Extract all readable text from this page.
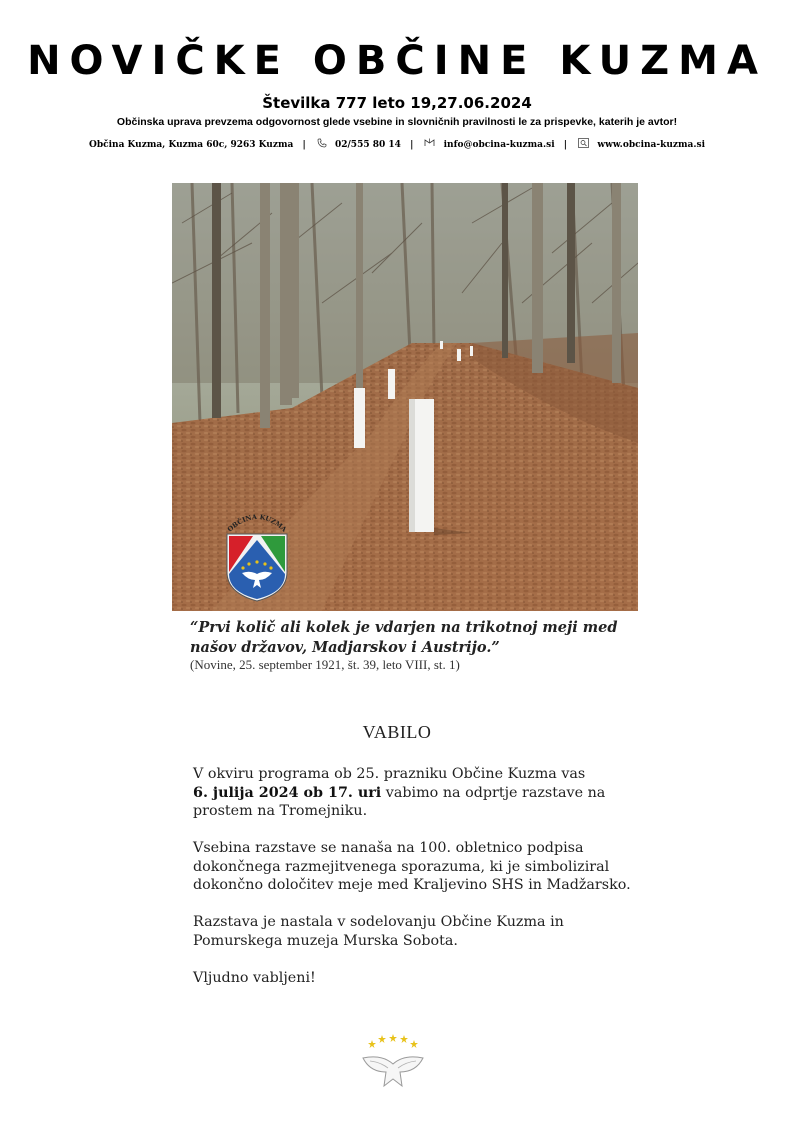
NOVIČKE OBČINE KUZMA
Številka 777 leto 19,27.06.2024
Občinska uprava prevzema odgovornost glede vsebine in slovničnih pravilnosti le za prispevke, katerih je avtor!
Občina Kuzma, Kuzma 60c, 9263 Kuzma |	02/555 80 14 |	info@obcina-kuzma.si |	www.obcina-kuzma.si
OBČINA KUZMA
“Prvi količ ali kolek je vdarjen na trikotnoj meji med našov državov, Madjarskov i Austrijo.”
(Novine, 25. september 1921, št. 39, leto VIII, st. 1)
VABILO

V okviru programa ob 25. prazniku Občine Kuzma vas
6. julija 2024 ob 17. uri vabimo na odprtje razstave na prostem na Tromejniku.

Vsebina razstave se nanaša na 100. obletnico podpisa dokončnega razmejitvenega sporazuma, ki je simboliziral dokončno določitev meje med Kraljevino SHS in Madžarsko.

Razstava je nastala v sodelovanju Občine Kuzma in Pomurskega muzeja Murska Sobota.

Vljudno vabljeni!
